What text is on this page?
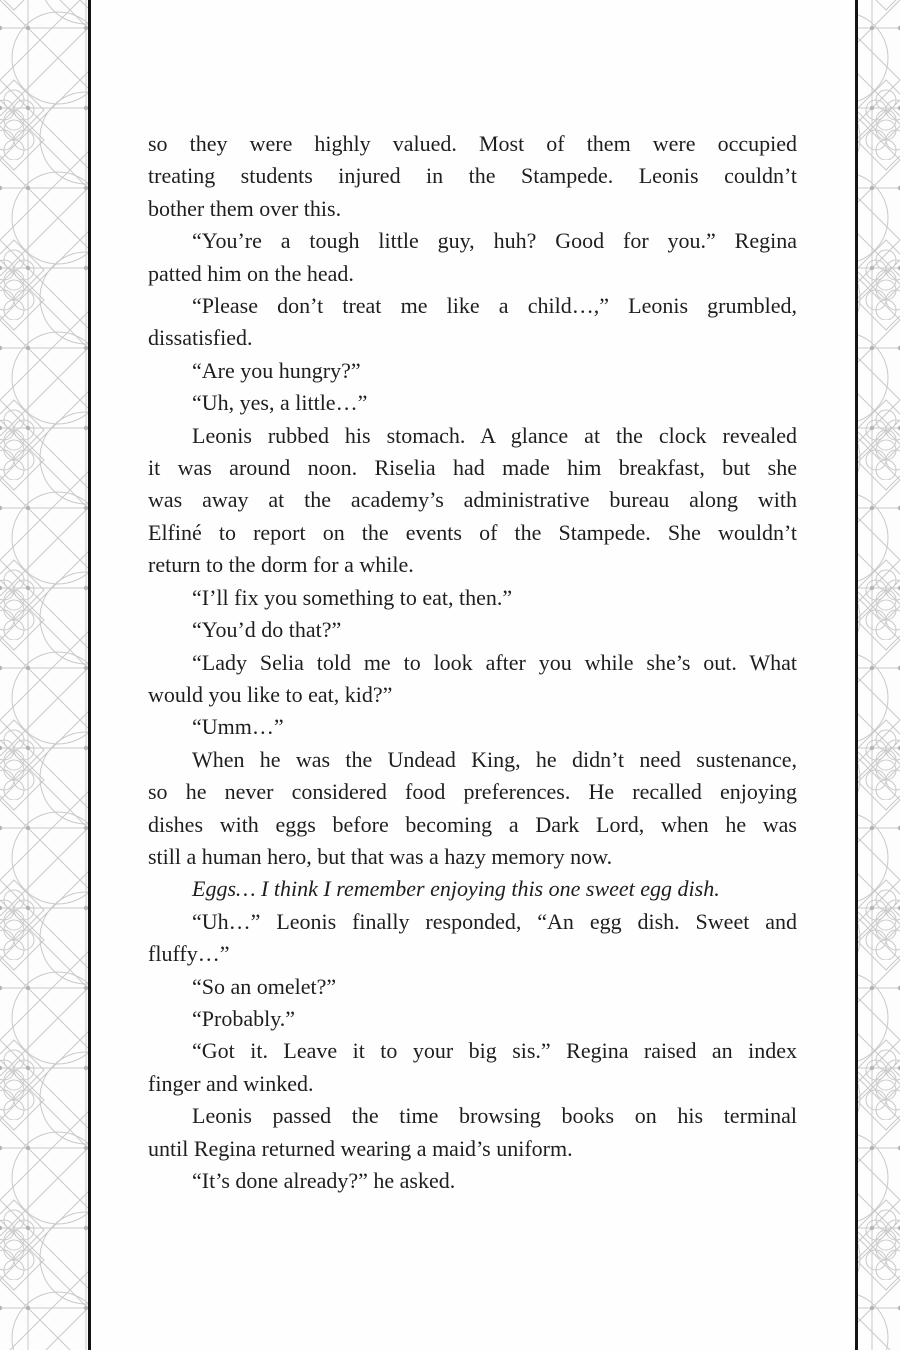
so they were highly valued. Most of them were occupied
treating students injured in the Stampede. Leonis couldn’t
bother them over this.
“You’re a tough little guy, huh? Good for you.” Regina
patted him on the head.
“Please don’t treat me like a child…,” Leonis grumbled,
dissatisfied.
“Are you hungry?”
“Uh, yes, a little…”
Leonis rubbed his stomach. A glance at the clock revealed
it was around noon. Riselia had made him breakfast, but she
was away at the academy’s administrative bureau along with
Elfiné to report on the events of the Stampede. She wouldn’t
return to the dorm for a while.
“I’ll fix you something to eat, then.”
“You’d do that?”
“Lady Selia told me to look after you while she’s out. What
would you like to eat, kid?”
“Umm…”
When he was the Undead King, he didn’t need sustenance,
so he never considered food preferences. He recalled enjoying
dishes with eggs before becoming a Dark Lord, when he was
still a human hero, but that was a hazy memory now.
Eggs… I think I remember enjoying this one sweet egg dish.
“Uh…” Leonis finally responded, “An egg dish. Sweet and
fluffy…”
“So an omelet?”
“Probably.”
“Got it. Leave it to your big sis.” Regina raised an index
finger and winked.
Leonis passed the time browsing books on his terminal
until Regina returned wearing a maid’s uniform.
“It’s done already?” he asked.
